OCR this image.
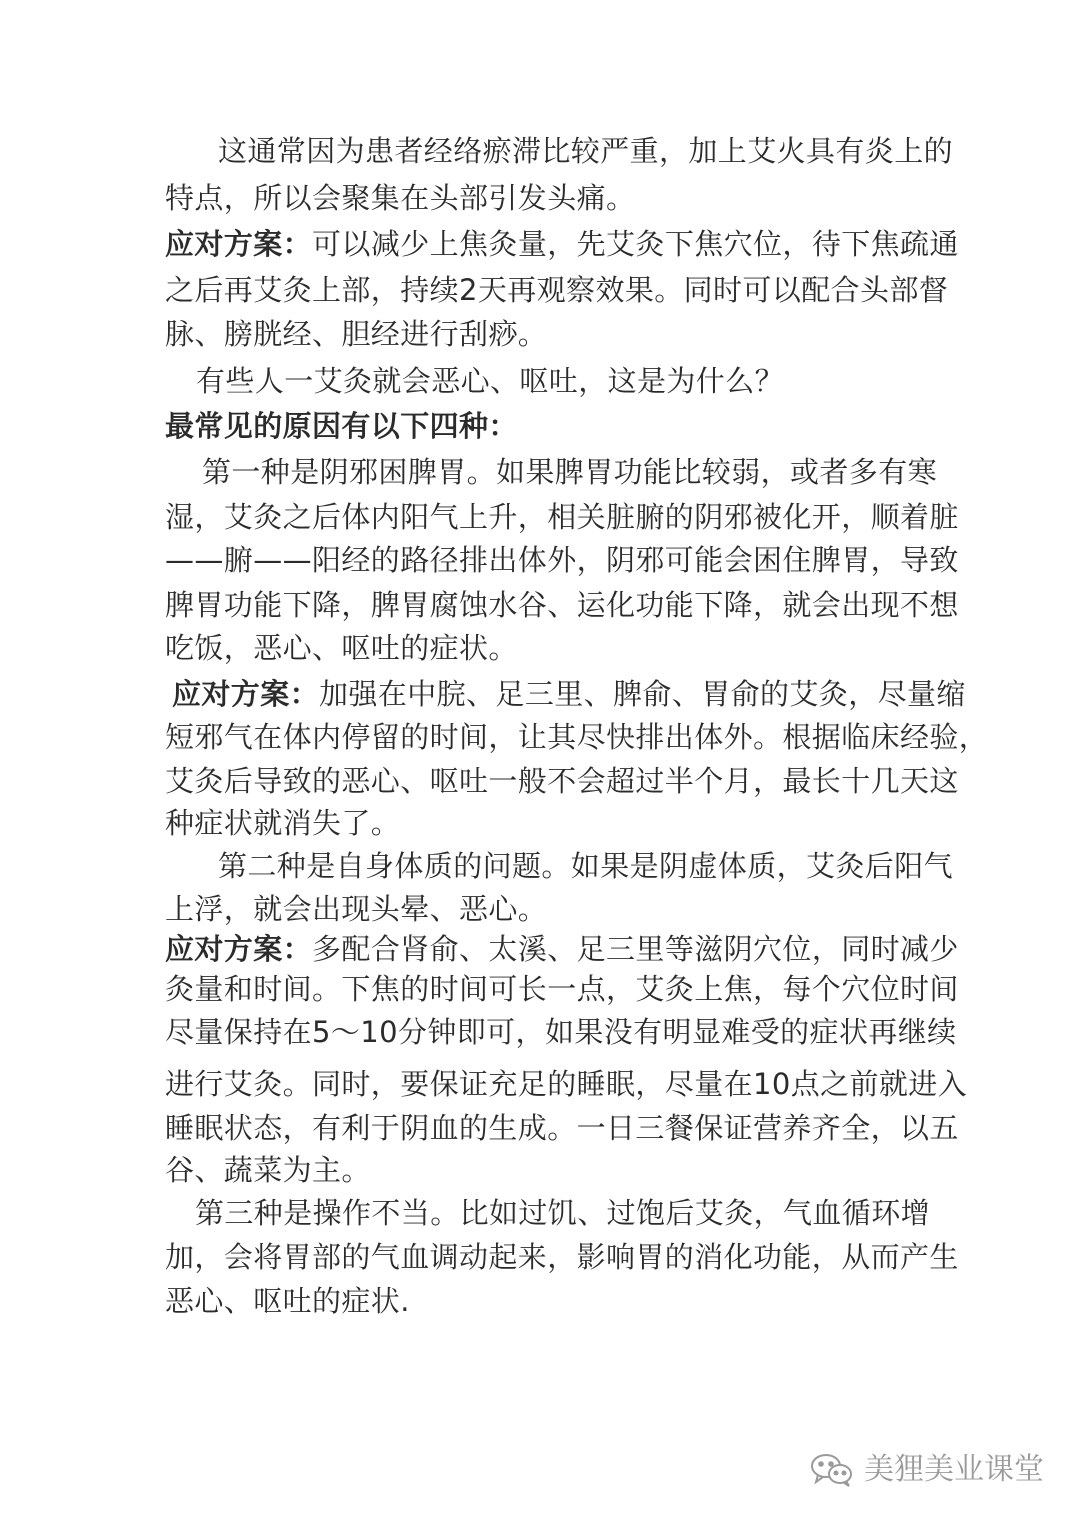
这通常因为患者经络瘀滞比较严重，加上艾火具有炎上的
特点，所以会聚集在头部引发头痛。
应对方案：可以减少上焦灸量，先艾灸下焦穴位，待下焦疏通
之后再艾灸上部，持续2天再观察效果。同时可以配合头部督
脉、膀胱经、胆经进行刮痧。
有些人一艾灸就会恶心、呕吐，这是为什么？
最常见的原因有以下四种：
第一种是阴邪困脾胃。如果脾胃功能比较弱，或者多有寒
湿，艾灸之后体内阳气上升，相关脏腑的阴邪被化开，顺着脏
——腑——阳经的路径排出体外，阴邪可能会困住脾胃，导致
脾胃功能下降，脾胃腐蚀水谷、运化功能下降，就会出现不想
吃饭，恶心、呕吐的症状。
应对方案：加强在中脘、足三里、脾俞、胃俞的艾灸，尽量缩
短邪气在体内停留的时间，让其尽快排出体外。根据临床经验，
艾灸后导致的恶心、呕吐一般不会超过半个月，最长十几天这
种症状就消失了。
第二种是自身体质的问题。如果是阴虚体质，艾灸后阳气
上浮，就会出现头晕、恶心。
应对方案：多配合肾俞、太溪、足三里等滋阴穴位，同时减少
灸量和时间。下焦的时间可长一点，艾灸上焦，每个穴位时间
尽量保持在5～10分钟即可，如果没有明显难受的症状再继续
进行艾灸。同时，要保证充足的睡眠，尽量在10点之前就进入
睡眠状态，有利于阴血的生成。一日三餐保证营养齐全，以五
谷、蔬菜为主。
第三种是操作不当。比如过饥、过饱后艾灸，气血循环增
加，会将胃部的气血调动起来，影响胃的消化功能，从而产生
恶心、呕吐的症状.
美狸美业课堂
